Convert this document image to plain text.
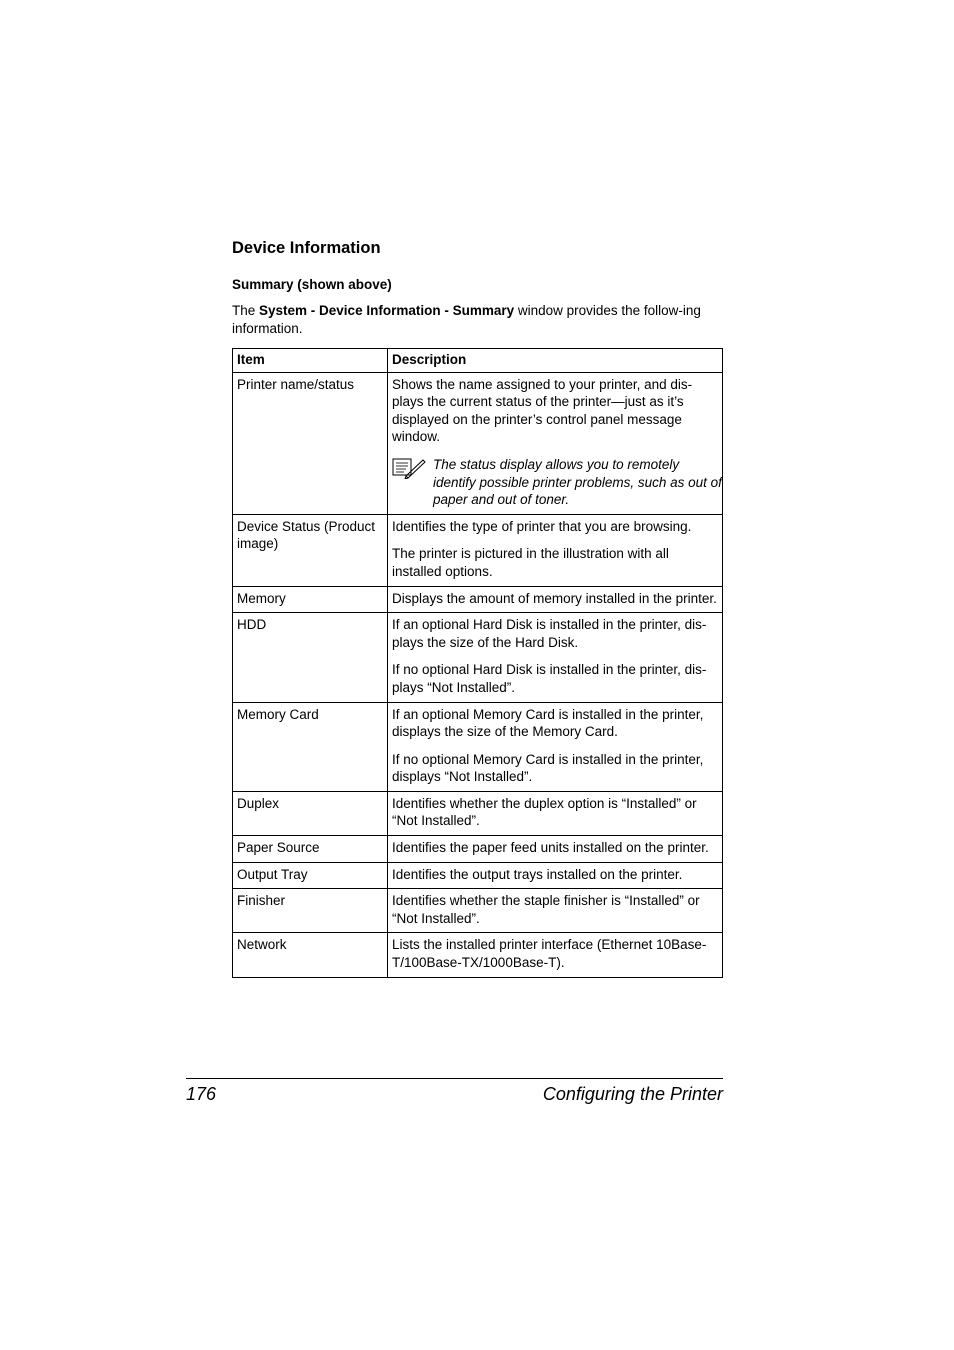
Device Information
Summary (shown above)

The System - Device Information - Summary window provides the follow-ing information.

Item	Description
Printer name/status	Shows the name assigned to your printer, and dis-plays the current status of the printer—just as it’s displayed on the printer’s control panel message window.

The status display allows you to remotely identify possible printer problems, such as out of paper and out of toner.

Device Status (Product image)	Identifies the type of printer that you are browsing.

The printer is pictured in the illustration with all installed options.

Memory	Displays the amount of memory installed in the printer.

HDD	If an optional Hard Disk is installed in the printer, dis-plays the size of the Hard Disk.

If no optional Hard Disk is installed in the printer, dis-plays “Not Installed”.

Memory Card	If an optional Memory Card is installed in the printer, displays the size of the Memory Card.

If no optional Memory Card is installed in the printer, displays “Not Installed”.

Duplex	Identifies whether the duplex option is “Installed” or “Not Installed”.

Paper Source	Identifies the paper feed units installed on the printer.

Output Tray	Identifies the output trays installed on the printer.

Finisher	Identifies whether the staple finisher is “Installed” or “Not Installed”.

Network	Lists the installed printer interface (Ethernet 10Base-T/100Base-TX/1000Base-T).

176	Configuring the Printer
